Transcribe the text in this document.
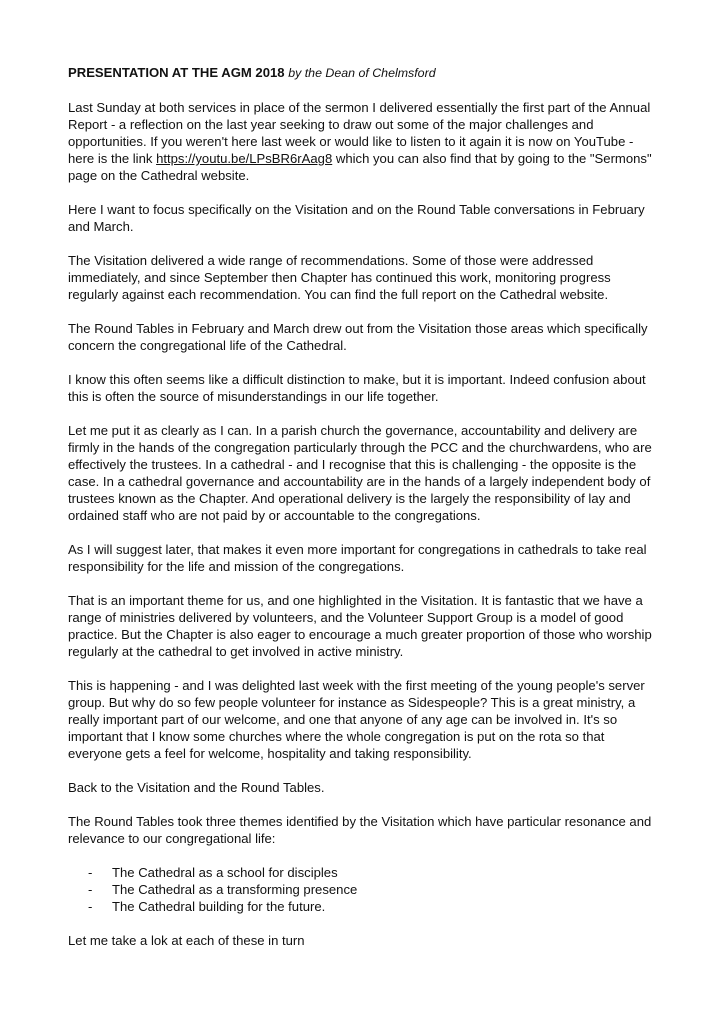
PRESENTATION AT THE AGM 2018 by the Dean of Chelmsford

Last Sunday at both services in place of the sermon I delivered essentially the first part of the Annual Report - a reflection on the last year seeking to draw out some of the major challenges and opportunities. If you weren't here last week or would like to listen to it again it is now on YouTube - here is the link https://youtu.be/LPsBR6rAag8 which you can also find that by going to the "Sermons" page on the Cathedral website.

Here I want to focus specifically on the Visitation and on the Round Table conversations in February and March.

The Visitation delivered a wide range of recommendations. Some of those were addressed immediately, and since September then Chapter has continued this work, monitoring progress regularly against each recommendation. You can find the full report on the Cathedral website.

The Round Tables in February and March drew out from the Visitation those areas which specifically concern the congregational life of the Cathedral.

I know this often seems like a difficult distinction to make, but it is important. Indeed confusion about this is often the source of misunderstandings in our life together.

Let me put it as clearly as I can. In a parish church the governance, accountability and delivery are firmly in the hands of the congregation particularly through the PCC and the churchwardens, who are effectively the trustees. In a cathedral - and I recognise that this is challenging - the opposite is the case. In a cathedral governance and accountability are in the hands of a largely independent body of trustees known as the Chapter. And operational delivery is the largely the responsibility of lay and ordained staff who are not paid by or accountable to the congregations.

As I will suggest later, that makes it even more important for congregations in cathedrals to take real responsibility for the life and mission of the congregations.

That is an important theme for us, and one highlighted in the Visitation. It is fantastic that we have a range of ministries delivered by volunteers, and the Volunteer Support Group is a model of good practice. But the Chapter is also eager to encourage a much greater proportion of those who worship regularly at the cathedral to get involved in active ministry.

This is happening - and I was delighted last week with the first meeting of the young people's server group. But why do so few people volunteer for instance as Sidespeople? This is a great ministry, a really important part of our welcome, and one that anyone of any age can be involved in. It's so important that I know some churches where the whole congregation is put on the rota so that everyone gets a feel for welcome, hospitality and taking responsibility.

Back to the Visitation and the Round Tables.

The Round Tables took three themes identified by the Visitation which have particular resonance and relevance to our congregational life:

- The Cathedral as a school for disciples
- The Cathedral as a transforming presence
- The Cathedral building for the future.

Let me take a lok at each of these in turn
